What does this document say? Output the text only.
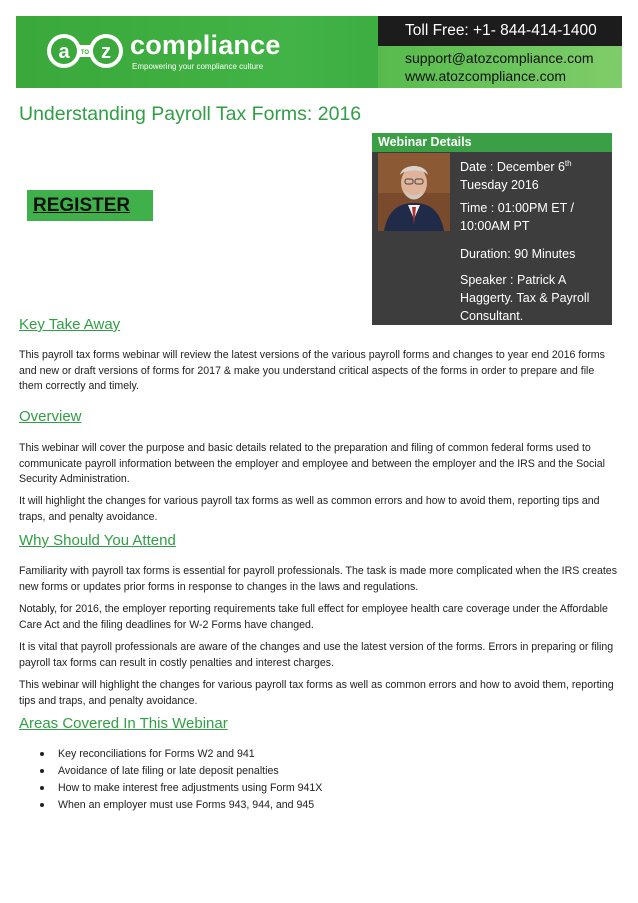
a TO z compliance
Empowering your compliance culture
Toll Free: +1- 844-414-1400
support@atozcompliance.com
www.atozcompliance.com
Understanding Payroll Tax Forms: 2016
REGISTER
Webinar Details
Date : December 6th
Tuesday 2016
Time : 01:00PM ET / 10:00AM PT
Duration: 90 Minutes
Speaker : Patrick A Haggerty. Tax & Payroll Consultant.
Key Take Away

This payroll tax forms webinar will review the latest versions of the various payroll forms and changes to year end 2016 forms and new or draft versions of forms for 2017 & make you understand critical aspects of the forms in order to prepare and file them correctly and timely.

Overview

This webinar will cover the purpose and basic details related to the preparation and filing of common federal forms used to communicate payroll information between the employer and employee and between the employer and the IRS and the Social Security Administration.

It will highlight the changes for various payroll tax forms as well as common errors and how to avoid them, reporting tips and traps, and penalty avoidance.

Why Should You Attend

Familiarity with payroll tax forms is essential for payroll professionals. The task is made more complicated when the IRS creates new forms or updates prior forms in response to changes in the laws and regulations.

Notably, for 2016, the employer reporting requirements take full effect for employee health care coverage under the Affordable Care Act and the filing deadlines for W-2 Forms have changed.

It is vital that payroll professionals are aware of the changes and use the latest version of the forms. Errors in preparing or filing payroll tax forms can result in costly penalties and interest charges.

This webinar will highlight the changes for various payroll tax forms as well as common errors and how to avoid them, reporting tips and traps, and penalty avoidance.

Areas Covered In This Webinar
Key reconciliations for Forms W2 and 941
Avoidance of late filing or late deposit penalties
How to make interest free adjustments using Form 941X
When an employer must use Forms 943, 944, and 945
